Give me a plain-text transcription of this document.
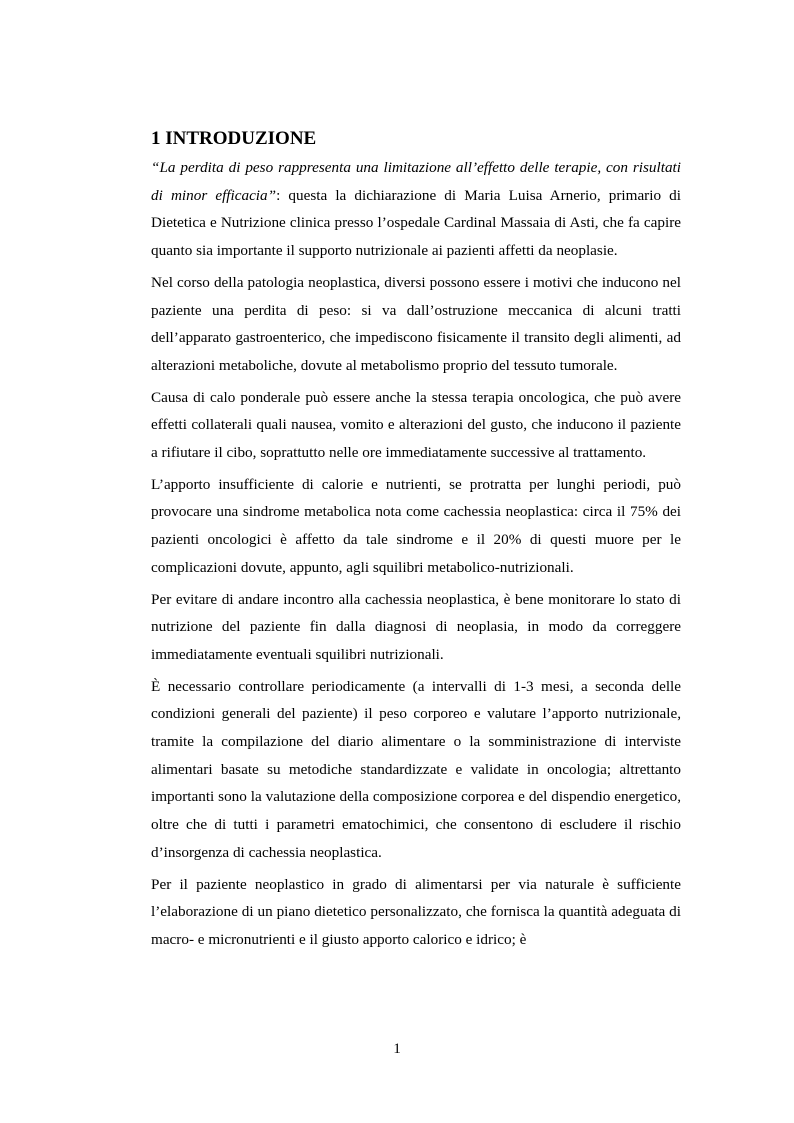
1 INTRODUZIONE

“La perdita di peso rappresenta una limitazione all’effetto delle terapie, con risultati di minor efficacia”: questa la dichiarazione di Maria Luisa Arnerio, primario di Dietetica e Nutrizione clinica presso l’ospedale Cardinal Massaia di Asti, che fa capire quanto sia importante il supporto nutrizionale ai pazienti affetti da neoplasie.

Nel corso della patologia neoplastica, diversi possono essere i motivi che inducono nel paziente una perdita di peso: si va dall’ostruzione meccanica di alcuni tratti dell’apparato gastroenterico, che impediscono fisicamente il transito degli alimenti, ad alterazioni metaboliche, dovute al metabolismo proprio del tessuto tumorale.

Causa di calo ponderale può essere anche la stessa terapia oncologica, che può avere effetti collaterali quali nausea, vomito e alterazioni del gusto, che inducono il paziente a rifiutare il cibo, soprattutto nelle ore immediatamente successive al trattamento.

L’apporto insufficiente di calorie e nutrienti, se protratta per lunghi periodi, può provocare una sindrome metabolica nota come cachessia neoplastica: circa il 75% dei pazienti oncologici è affetto da tale sindrome e il 20% di questi muore per le complicazioni dovute, appunto, agli squilibri metabolico-nutrizionali.

Per evitare di andare incontro alla cachessia neoplastica, è bene monitorare lo stato di nutrizione del paziente fin dalla diagnosi di neoplasia, in modo da correggere immediatamente eventuali squilibri nutrizionali.

È necessario controllare periodicamente (a intervalli di 1-3 mesi, a seconda delle condizioni generali del paziente) il peso corporeo e valutare l’apporto nutrizionale, tramite la compilazione del diario alimentare o la somministrazione di interviste alimentari basate su metodiche standardizzate e validate in oncologia; altrettanto importanti sono la valutazione della composizione corporea e del dispendio energetico, oltre che di tutti i parametri ematochimici, che consentono di escludere il rischio d’insorgenza di cachessia neoplastica.

Per il paziente neoplastico in grado di alimentarsi per via naturale è sufficiente l’elaborazione di un piano dietetico personalizzato, che fornisca la quantità adeguata di macro- e micronutrienti e il giusto apporto calorico e idrico; è

1
